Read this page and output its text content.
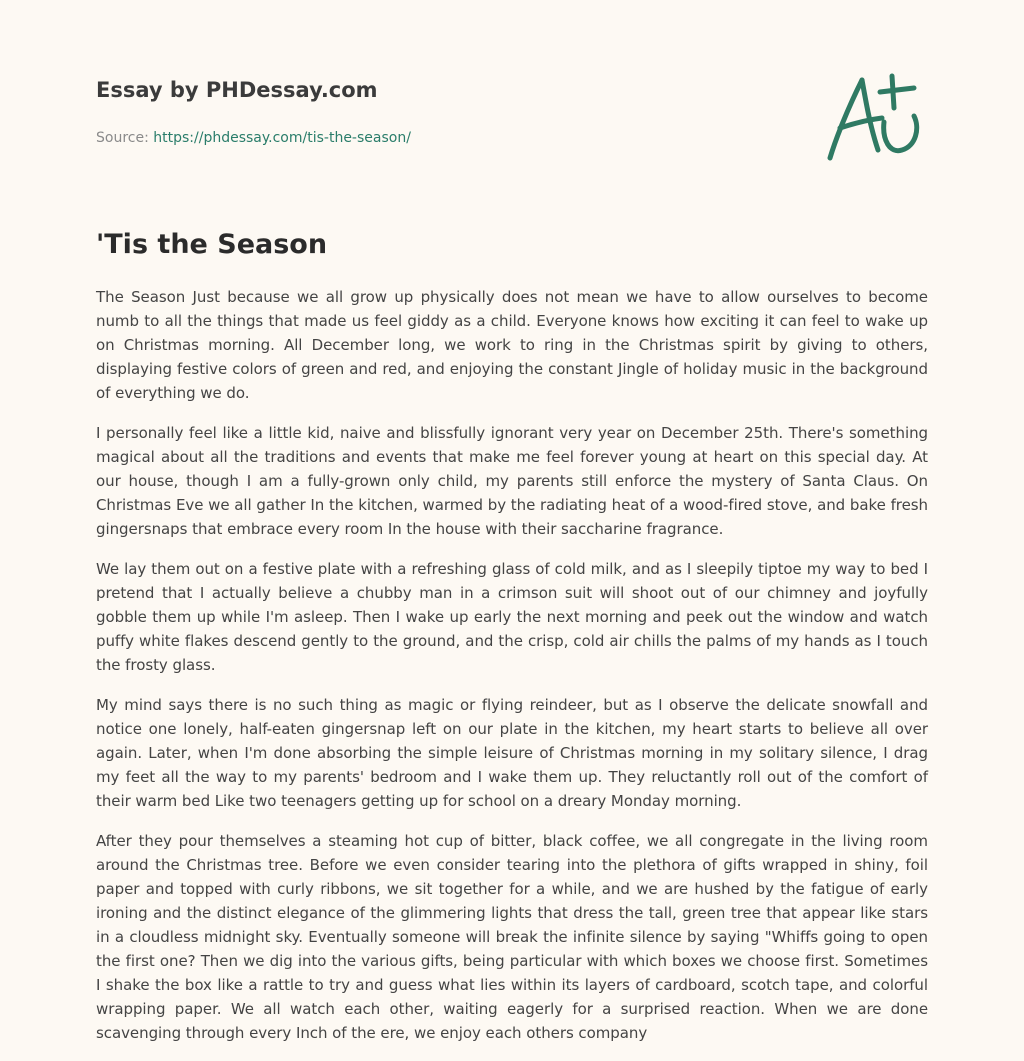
Essay by PHDessay.com
Source: https://phdessay.com/tis-the-season/
'Tis the Season

The Season Just because we all grow up physically does not mean we have to allow ourselves to become numb to all the things that made us feel giddy as a child. Everyone knows how exciting it can feel to wake up on Christmas morning. All December long, we work to ring in the Christmas spirit by giving to others, displaying festive colors of green and red, and enjoying the constant Jingle of holiday music in the background of everything we do.

I personally feel like a little kid, naive and blissfully ignorant very year on December 25th. There's something magical about all the traditions and events that make me feel forever young at heart on this special day. At our house, though I am a fully-grown only child, my parents still enforce the mystery of Santa Claus. On Christmas Eve we all gather In the kitchen, warmed by the radiating heat of a wood-fired stove, and bake fresh gingersnaps that embrace every room In the house with their saccharine fragrance.

We lay them out on a festive plate with a refreshing glass of cold milk, and as I sleepily tiptoe my way to bed I pretend that I actually believe a chubby man in a crimson suit will shoot out of our chimney and joyfully gobble them up while I'm asleep. Then I wake up early the next morning and peek out the window and watch puffy white flakes descend gently to the ground, and the crisp, cold air chills the palms of my hands as I touch the frosty glass.

My mind says there is no such thing as magic or flying reindeer, but as I observe the delicate snowfall and notice one lonely, half-eaten gingersnap left on our plate in the kitchen, my heart starts to believe all over again. Later, when I'm done absorbing the simple leisure of Christmas morning in my solitary silence, I drag my feet all the way to my parents' bedroom and I wake them up. They reluctantly roll out of the comfort of their warm bed Like two teenagers getting up for school on a dreary Monday morning.

After they pour themselves a steaming hot cup of bitter, black coffee, we all congregate in the living room around the Christmas tree. Before we even consider tearing into the plethora of gifts wrapped in shiny, foil paper and topped with curly ribbons, we sit together for a while, and we are hushed by the fatigue of early ironing and the distinct elegance of the glimmering lights that dress the tall, green tree that appear like stars in a cloudless midnight sky. Eventually someone will break the infinite silence by saying "Whiffs going to open the first one? Then we dig into the various gifts, being particular with which boxes we choose first. Sometimes I shake the box like a rattle to try and guess what lies within its layers of cardboard, scotch tape, and colorful wrapping paper. We all watch each other, waiting eagerly for a surprised reaction. When we are done scavenging through every Inch of the ere, we enjoy each others company
